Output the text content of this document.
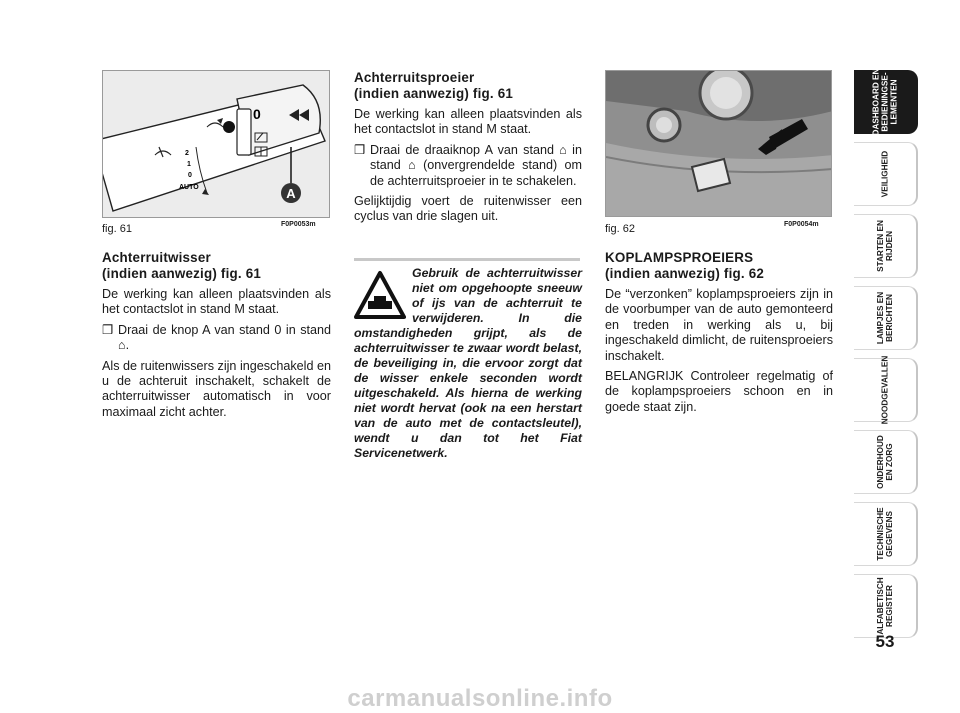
0
2
1
0
AUTO	A
fig. 61	F0P0053m	fig. 62	F0P0054m
Achterruitwisser
(indien aanwezig) fig. 61

De werking kan alleen plaatsvinden als het contactslot in stand M staat.

❒ Draai de knop A van stand 0 in stand ⌂.

Als de ruitenwissers zijn ingeschakeld en u de achteruit inschakelt, schakelt de achterruitwisser automatisch in voor maximaal zicht achter.

Achterruitsproeier
(indien aanwezig) fig. 61

De werking kan alleen plaatsvinden als het contactslot in stand M staat.

❒ Draai de draaiknop A van stand ⌂ in stand ⌂ (onvergrendelde stand) om de achterruitsproeier in te schakelen.

Gelijktijdig voert de ruitenwisser een cyclus van drie slagen uit.

Gebruik de achterruitwisser niet om opgehoopte sneeuw of ijs van de achterruit te verwijderen. In die omstandigheden grijpt, als de achterruitwisser te zwaar wordt belast, de beveiliging in, die ervoor zorgt dat de wisser enkele seconden wordt uitgeschakeld. Als hierna de werking niet wordt hervat (ook na een herstart van de auto met de contactsleutel), wendt u dan tot het Fiat Servicenetwerk.
KOPLAMPSPROEIERS
(indien aanwezig) fig. 62

De “verzonken” koplampsproeiers zijn in de voorbumper van de auto gemonteerd en treden in werking als u, bij ingeschakeld dimlicht, de ruitensproeiers inschakelt.

BELANGRIJK Controleer regelmatig of de koplampsproeiers schoon en in goede staat zijn.

DASHBOARD EN
BEDIENINGSE-
LEMENTEN
VEILIGHEID
STARTEN EN
RIJDEN
LAMPJES EN
BERICHTEN
NOODGEVALLEN
ONDERHOUD
EN ZORG
TECHNISCHE
GEGEVENS
ALFABETISCH
REGISTER
53
carmanualsonline.info
